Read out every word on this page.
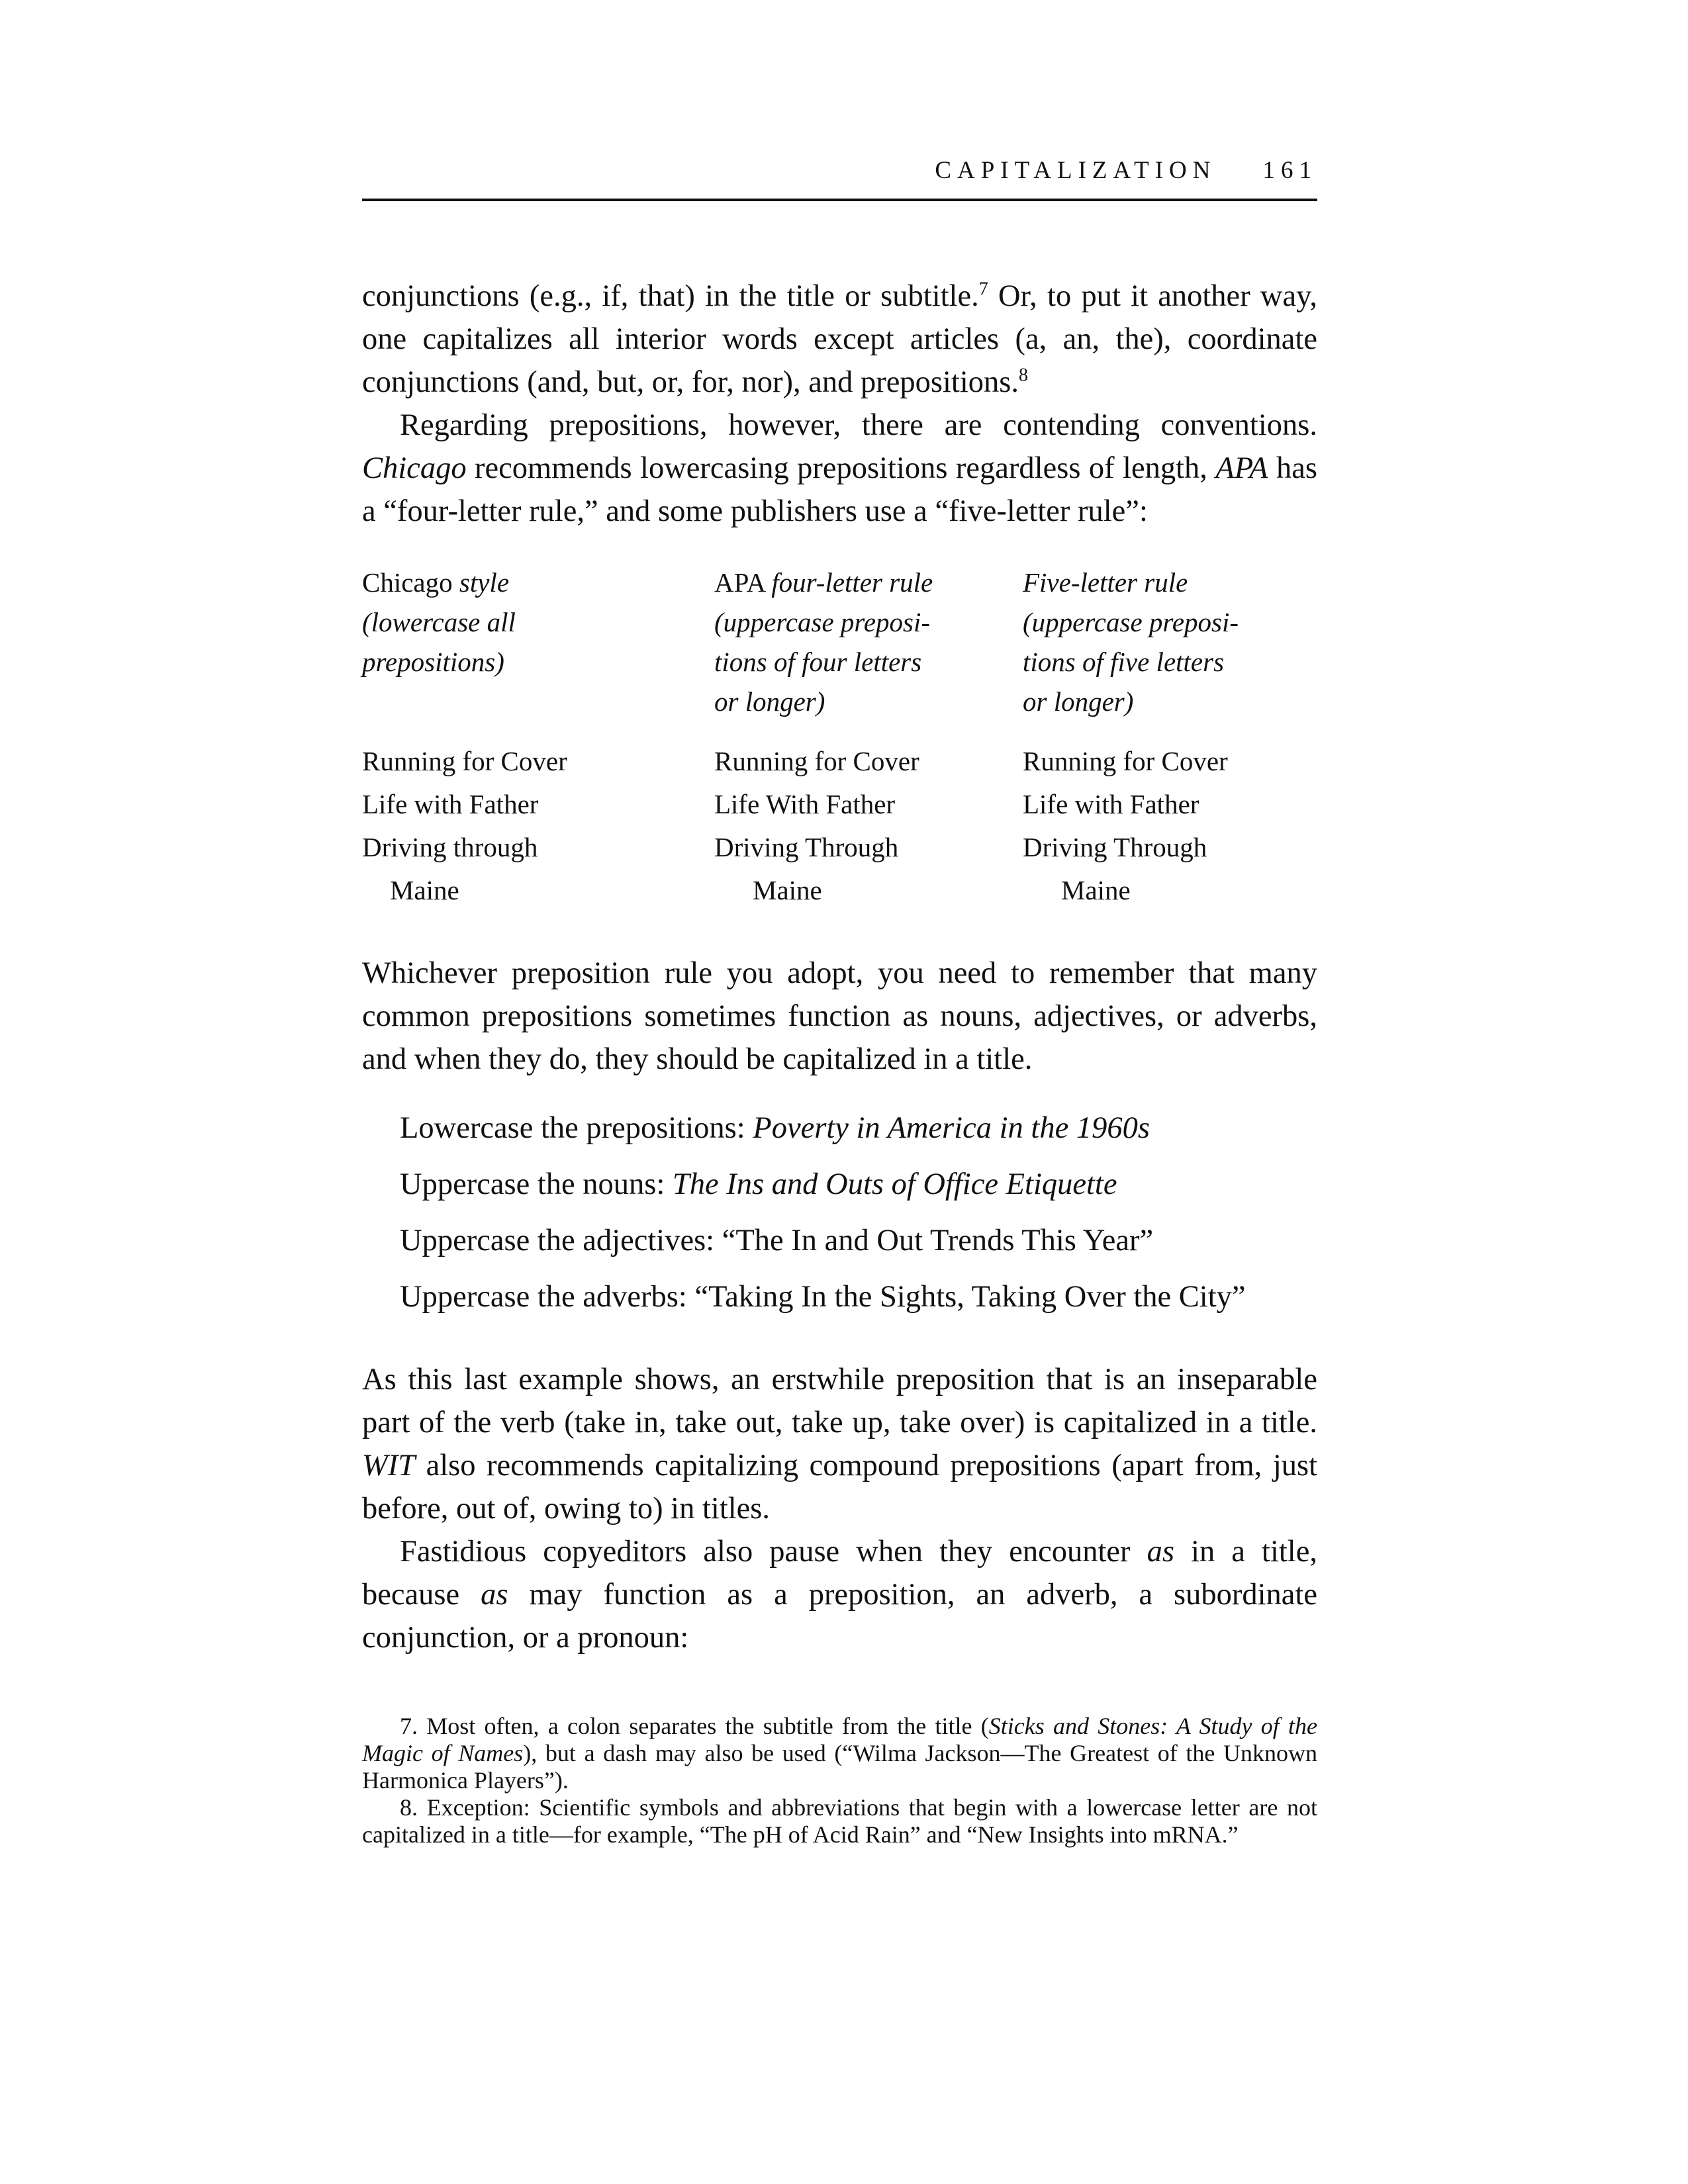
CAPITALIZATION 161
conjunctions (e.g., if, that) in the title or subtitle.$^7$ Or, to put it another way, one capitalizes all interior words except articles (a, an, the), coordinate conjunctions (and, but, or, for, nor), and prepositions.$^8$
Regarding prepositions, however, there are contending conventions. Chicago recommends lowercasing prepositions regardless of length, APA has a “four-letter rule,” and some publishers use a “five-letter rule”:
Chicago style
(lowercase all
prepositions)
Running for Cover
Life with Father
Driving through
Maine
APA four-letter rule
(uppercase preposi-
tions of four letters
or longer)
Running for Cover
Life With Father
Driving Through
Maine
Five-letter rule
(uppercase preposi-
tions of five letters
or longer)
Running for Cover
Life with Father
Driving Through
Maine
Whichever preposition rule you adopt, you need to remember that many common prepositions sometimes function as nouns, adjectives, or adverbs, and when they do, they should be capitalized in a title.
Lowercase the prepositions: Poverty in America in the 1960s
Uppercase the nouns: The Ins and Outs of Office Etiquette
Uppercase the adjectives: “The In and Out Trends This Year”
Uppercase the adverbs: “Taking In the Sights, Taking Over the City”
As this last example shows, an erstwhile preposition that is an inseparable part of the verb (take in, take out, take up, take over) is capitalized in a title. WIT also recommends capitalizing compound prepositions (apart from, just before, out of, owing to) in titles.
Fastidious copyeditors also pause when they encounter as in a title, because as may function as a preposition, an adverb, a subordinate conjunction, or a pronoun:
7. Most often, a colon separates the subtitle from the title (Sticks and Stones: A Study of the Magic of Names), but a dash may also be used (“Wilma Jackson—The Greatest of the Unknown Harmonica Players”).
8. Exception: Scientific symbols and abbreviations that begin with a lowercase letter are not capitalized in a title—for example, “The pH of Acid Rain” and “New Insights into mRNA.”
